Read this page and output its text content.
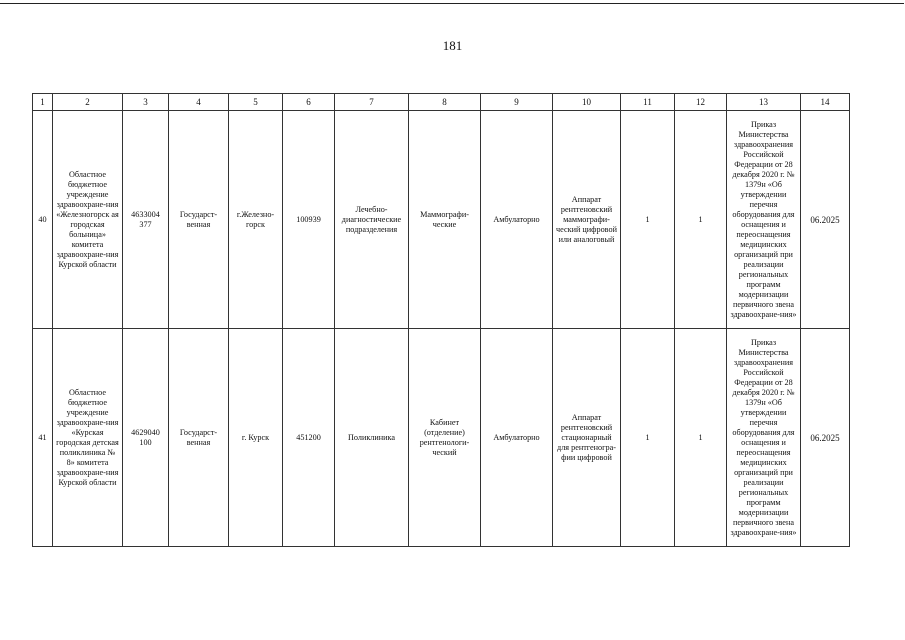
181
1	2	3	4	5	6	7	8	9	10	11	12	13	14
40	Областное бюджетное учреждение здравоохране-ния «Железногорск ая городская больница» комитета здравоохране-ния Курской области	4633004 377	Государст-венная	г.Железно-горск	100939	Лечебно-диагностические подразделения	Маммографи-ческие	Амбулаторно	Аппарат рентгеновский маммографи-ческий цифровой или аналоговый	1	1	Приказ Министерства здравоохранения Российской Федерации от 28 декабря 2020 г. № 1379н «Об утверждении перечня оборудования для оснащения и переоснащения медицинских организаций при реализации региональных программ модернизации первичного звена здравоохране-ния»	06.2025
41	Областное бюджетное учреждение здравоохране-ния «Курская городская детская поликлиника № 8» комитета здравоохране-ния Курской области	4629040 100	Государст-венная	г. Курск	451200	Поликлиника	Кабинет (отделение) рентгенологи-ческий	Амбулаторно	Аппарат рентгеновский стационарный для рентгеногра-фии цифровой	1	1	Приказ Министерства здравоохранения Российской Федерации от 28 декабря 2020 г. № 1379н «Об утверждении перечня оборудования для оснащения и переоснащения медицинских организаций при реализации региональных программ модернизации первичного звена здравоохране-ния»	06.2025
